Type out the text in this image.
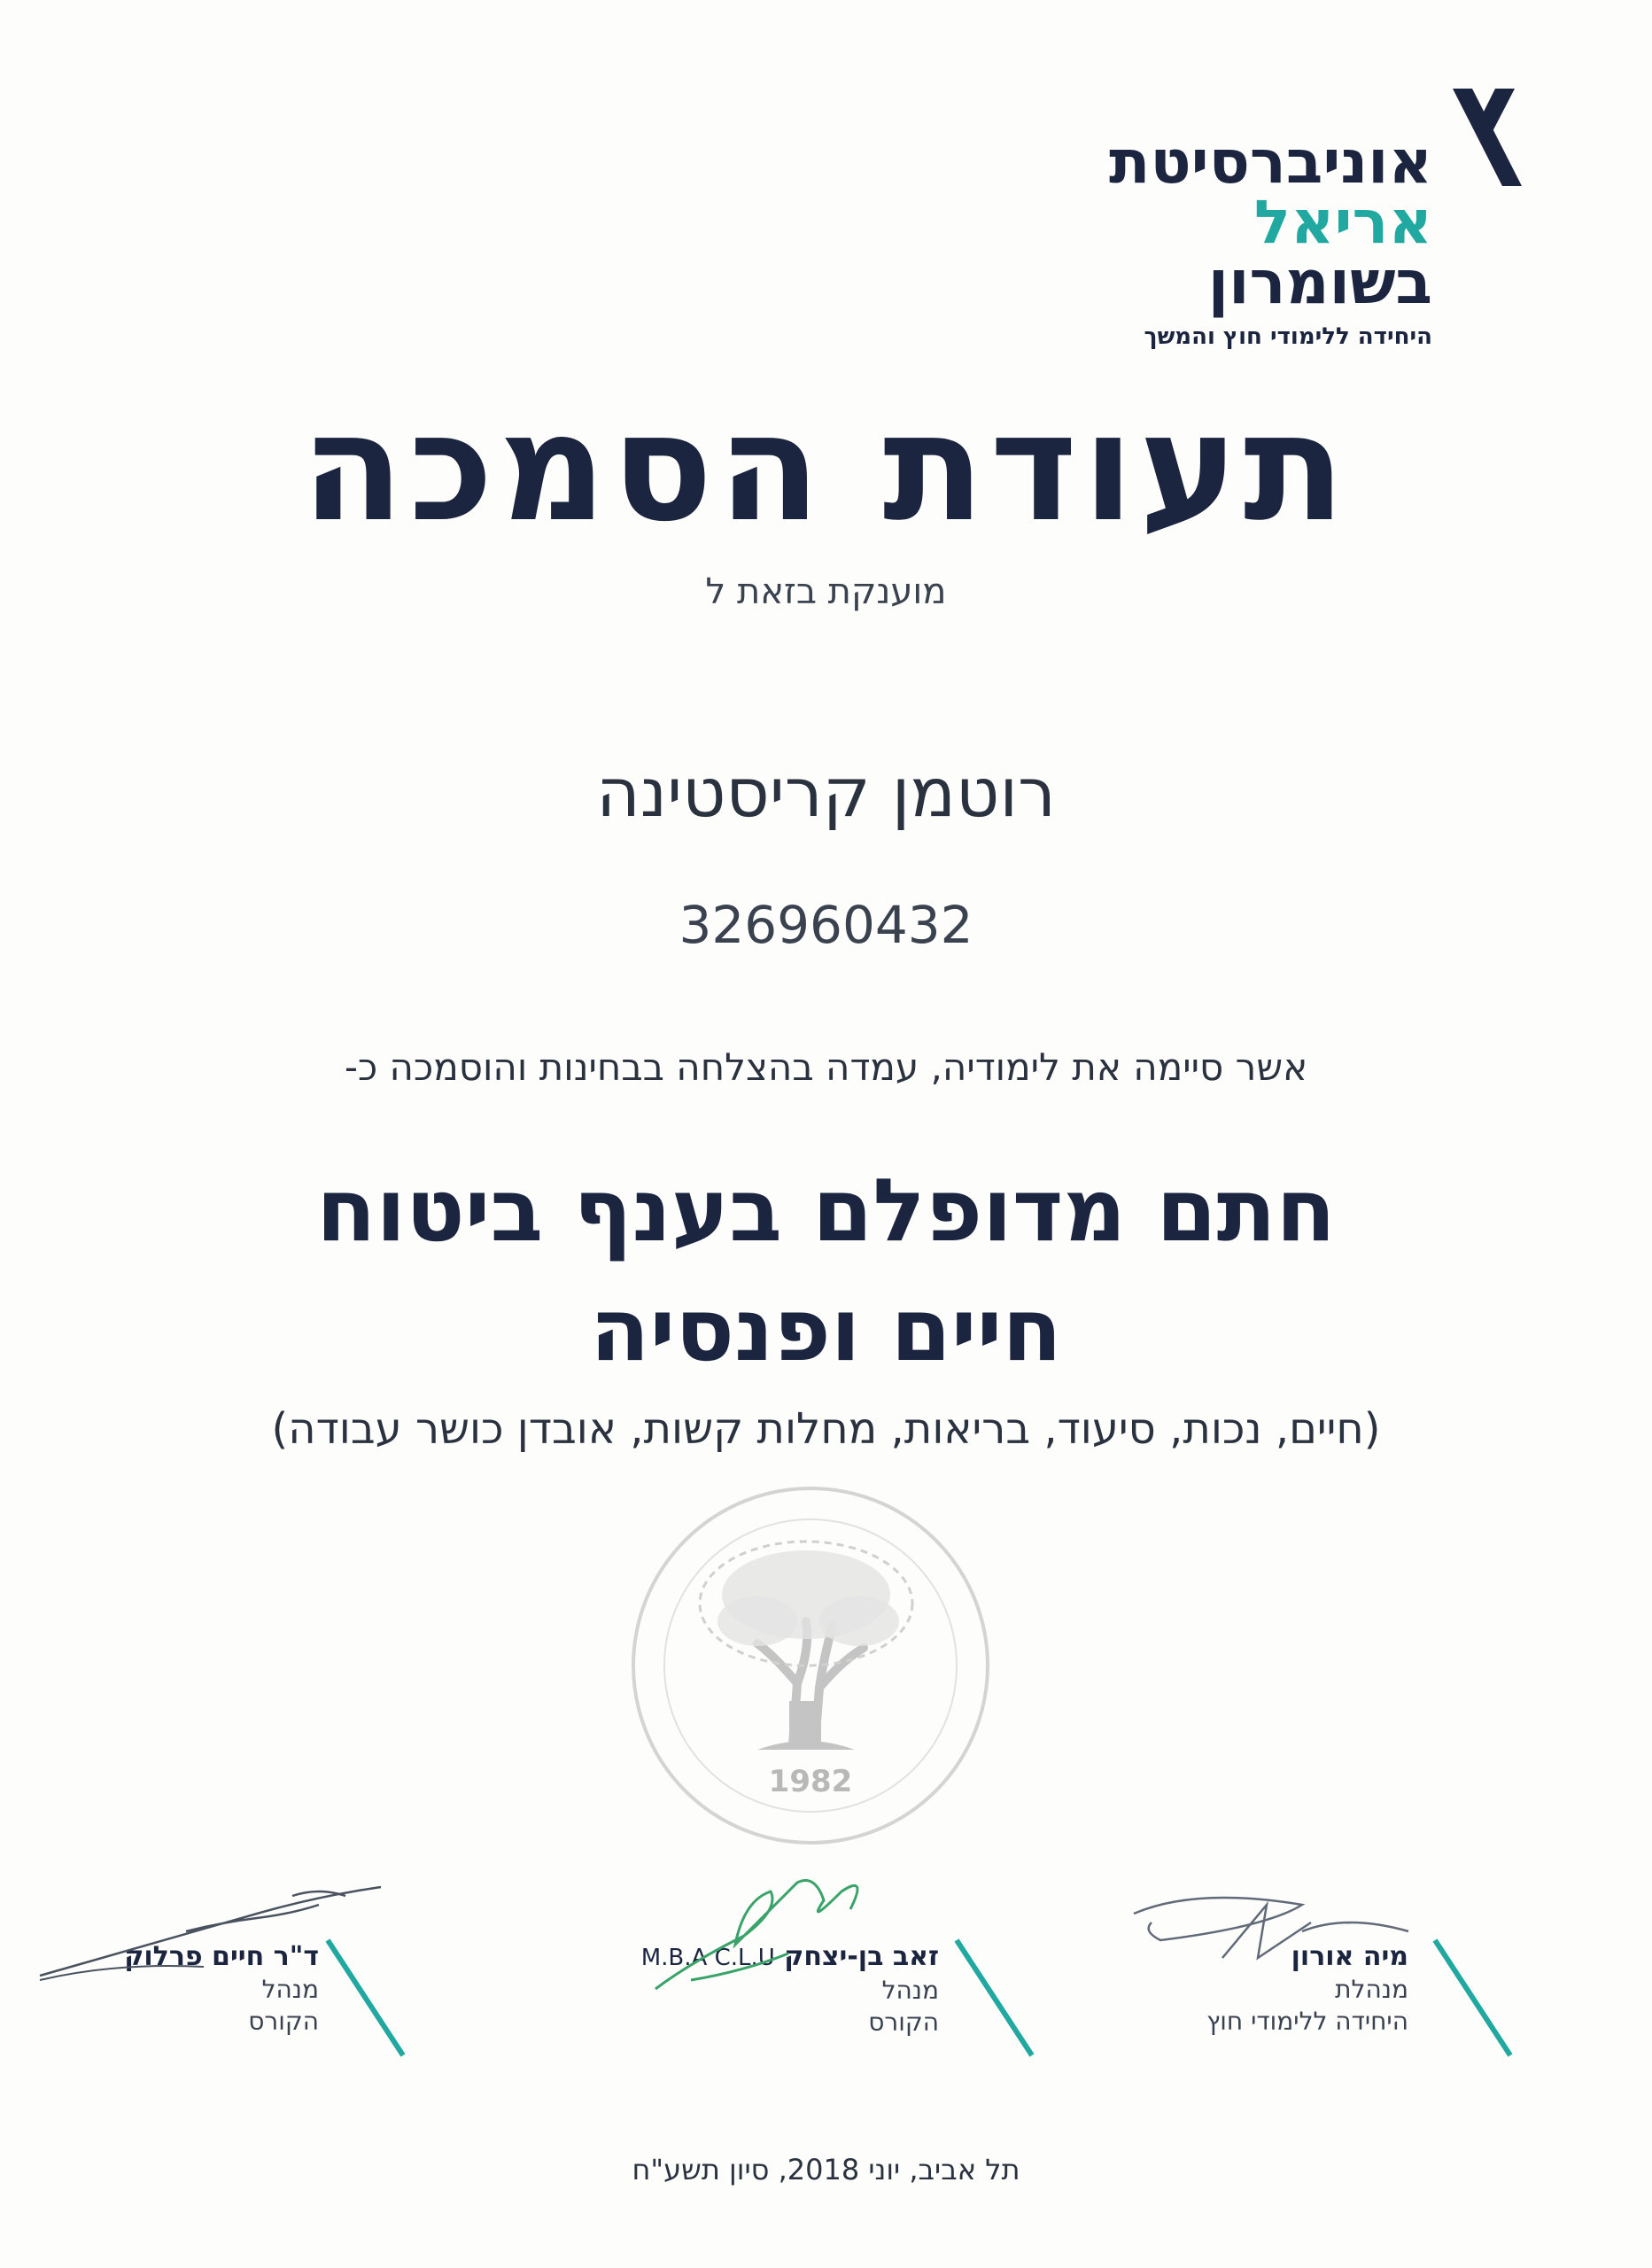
אוניברסיטת
אריאל
בשומרון
היחידה ללימודי חוץ והמשך
תעודת הסמכה
מוענקת בזאת ל
רוטמן קריסטינה
326960432
אשר סיימה את לימודיה, עמדה בהצלחה בבחינות והוסמכה כ-
חתם מדופלם בענף ביטוח
חיים ופנסיה
(חיים, נכות, סיעוד, בריאות, מחלות קשות, אובדן כושר עבודה)
1982
מיה אורון
מנהלת
היחידה ללימודי חוץ
זאב בן-יצחק M.B.A C.L.U
מנהל
הקורס
ד"ר חיים פרלוק
מנהל
הקורס
תל אביב, יוני 2018, סיון תשע"ח
